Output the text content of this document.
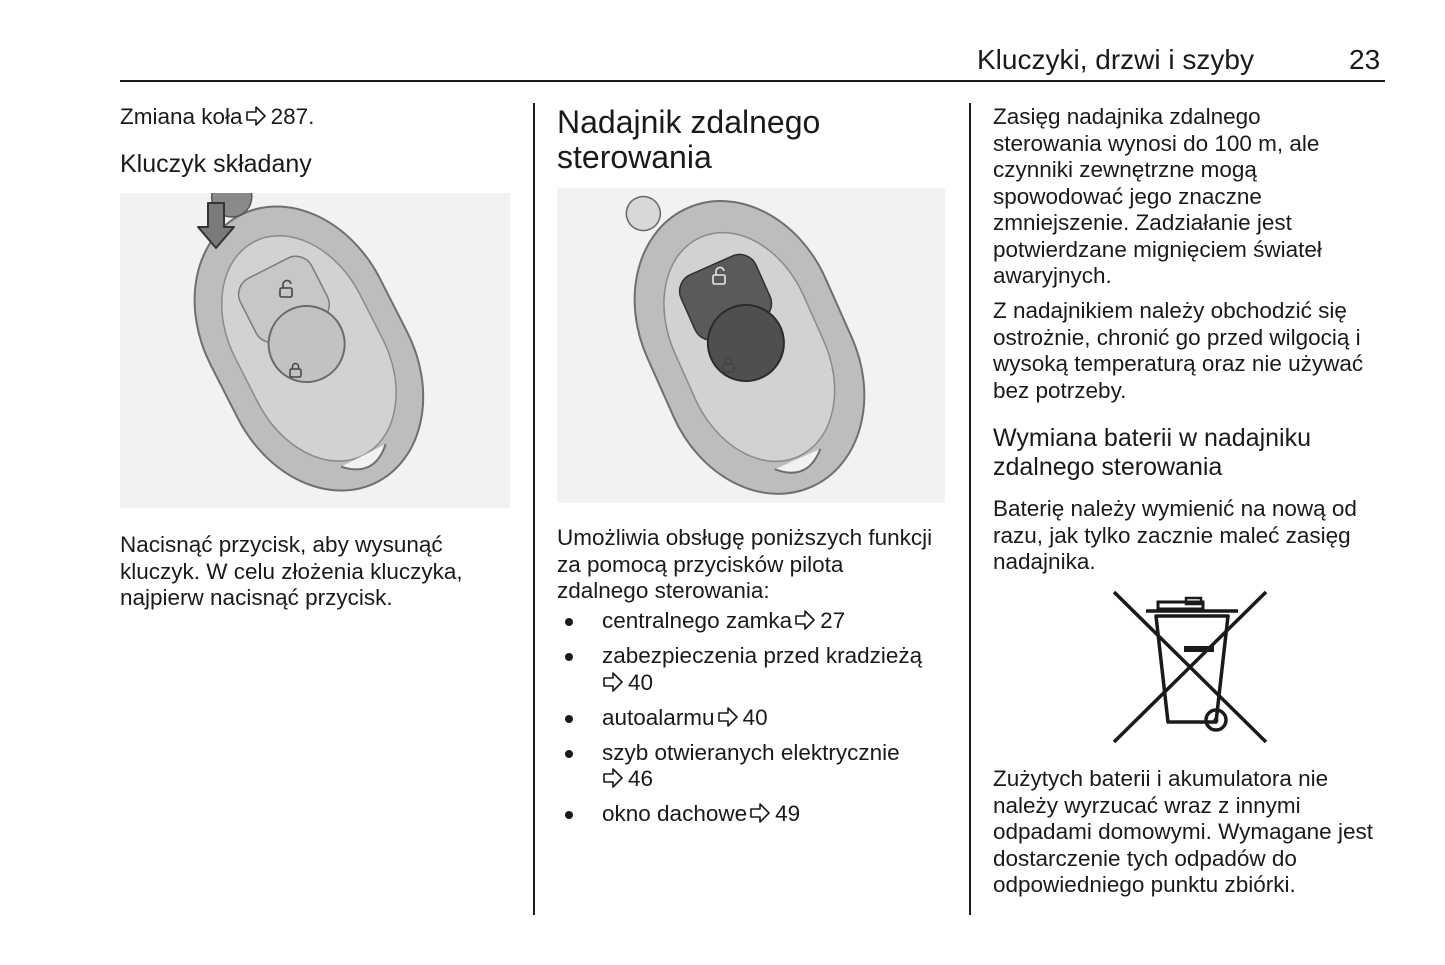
Kluczyki, drzwi i szyby	23
Zmiana koła 287.
Kluczyk składany
Nacisnąć przycisk, aby wysunąć kluczyk. W celu złożenia kluczyka, najpierw nacisnąć przycisk.
Nadajnik zdalnego
sterowania
Umożliwia obsługę poniższych funkcji za pomocą przycisków pilota zdalnego sterowania:
centralnego zamka 27
zabezpieczenia przed kradzieżą

40
autoalarmu 40
szyb otwieranych elektrycznie

46
okno dachowe 49
Zasięg nadajnika zdalnego sterowania wynosi do 100 m, ale czynniki zewnętrzne mogą spowodować jego znaczne zmniejszenie. Zadziałanie jest potwierdzane mignięciem świateł awaryjnych.
Z nadajnikiem należy obchodzić się ostrożnie, chronić go przed wilgocią i wysoką temperaturą oraz nie używać bez potrzeby.
Wymiana baterii w nadajniku zdalnego sterowania
Baterię należy wymienić na nową od razu, jak tylko zacznie maleć zasięg nadajnika.
Zużytych baterii i akumulatora nie należy wyrzucać wraz z innymi odpadami domowymi. Wymagane jest dostarczenie tych odpadów do odpowiedniego punktu zbiórki.
